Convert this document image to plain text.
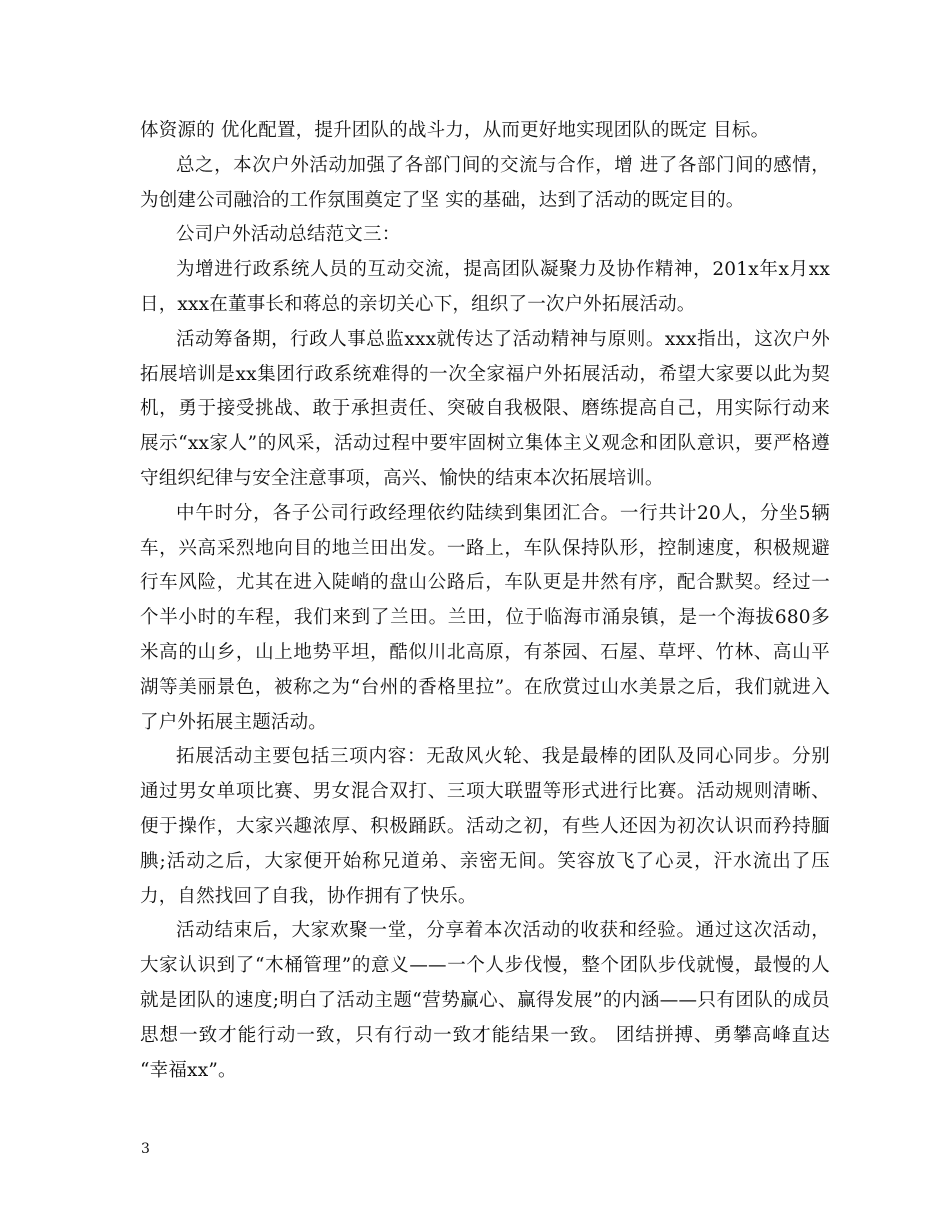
体资源的 优化配置，提升团队的战斗力，从而更好地实现团队的既定 目标。

总之，本次户外活动加强了各部门间的交流与合作，增 进了各部门间的感情，为创建公司融洽的工作氛围奠定了坚 实的基础，达到了活动的既定目的。

公司户外活动总结范文三：

为增进行政系统人员的互动交流，提高团队凝聚力及协作精神，201x年x月xx日，xxx在董事长和蒋总的亲切关心下，组织了一次户外拓展活动。

活动筹备期，行政人事总监xxx就传达了活动精神与原则。xxx指出，这次户外拓展培训是xx集团行政系统难得的一次全家福户外拓展活动，希望大家要以此为契机，勇于接受挑战、敢于承担责任、突破自我极限、磨练提高自己，用实际行动来展示“xx家人”的风采，活动过程中要牢固树立集体主义观念和团队意识，要严格遵守组织纪律与安全注意事项，高兴、愉快的结束本次拓展培训。

中午时分，各子公司行政经理依约陆续到集团汇合。一行共计20人，分坐5辆车，兴高采烈地向目的地兰田出发。一路上，车队保持队形，控制速度，积极规避行车风险，尤其在进入陡峭的盘山公路后，车队更是井然有序，配合默契。经过一个半小时的车程，我们来到了兰田。兰田，位于临海市涌泉镇，是一个海拔680多米高的山乡，山上地势平坦，酷似川北高原，有茶园、石屋、草坪、竹林、高山平湖等美丽景色，被称之为“台州的香格里拉”。在欣赏过山水美景之后，我们就进入了户外拓展主题活动。

拓展活动主要包括三项内容：无敌风火轮、我是最棒的团队及同心同步。分别通过男女单项比赛、男女混合双打、三项大联盟等形式进行比赛。活动规则清晰、便于操作，大家兴趣浓厚、积极踊跃。活动之初，有些人还因为初次认识而矜持腼腆;活动之后，大家便开始称兄道弟、亲密无间。笑容放飞了心灵，汗水流出了压力，自然找回了自我，协作拥有了快乐。

活动结束后，大家欢聚一堂，分享着本次活动的收获和经验。通过这次活动，大家认识到了“木桶管理”的意义——一个人步伐慢，整个团队步伐就慢，最慢的人就是团队的速度;明白了活动主题“营势赢心、赢得发展”的内涵——只有团队的成员思想一致才能行动一致，只有行动一致才能结果一致。 团结拼搏、勇攀高峰直达 “幸福xx”。

3
